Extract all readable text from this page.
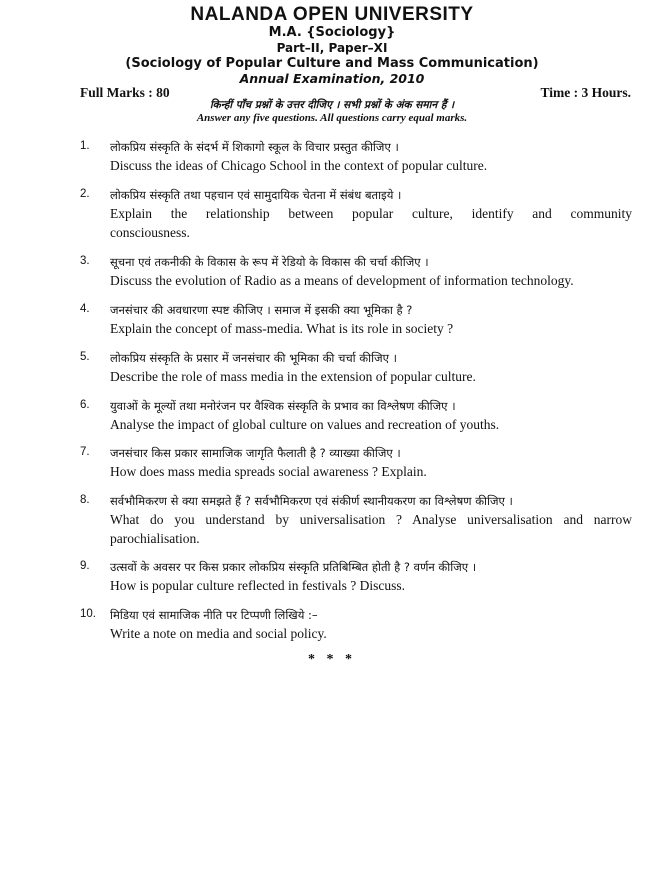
NALANDA OPEN UNIVERSITY
M.A. {Sociology}
Part–II, Paper–XI
(Sociology of Popular Culture and Mass Communication)
Annual Examination, 2010
Full Marks : 80	Time : 3 Hours.
किन्हीं पाँच प्रश्नों के उत्तर दीजिए । सभी प्रश्नों के अंक समान हैं ।
Answer any five questions. All questions carry equal marks.
1. लोकप्रिय संस्कृति के संदर्भ में शिकागो स्कूल के विचार प्रस्तुत कीजिए ।
Discuss the ideas of Chicago School in the context of popular culture.
2. लोकप्रिय संस्कृति तथा पहचान एवं सामुदायिक चेतना में संबंध बताइये ।
Explain the relationship between popular culture, identify and community
consciousness.
3. सूचना एवं तकनीकी के विकास के रूप में रेडियो के विकास की चर्चा कीजिए ।
Discuss the evolution of Radio as a means of development of information technology.
4. जनसंचार की अवधारणा स्पष्ट कीजिए । समाज में इसकी क्या भूमिका है ?
Explain the concept of mass-media. What is its role in society ?
5. लोकप्रिय संस्कृति के प्रसार में जनसंचार की भूमिका की चर्चा कीजिए ।
Describe the role of mass media in the extension of popular culture.
6. युवाओं के मूल्यों तथा मनोरंजन पर वैश्विक संस्कृति के प्रभाव का विश्लेषण कीजिए ।
Analyse the impact of global culture on values and recreation of youths.
7. जनसंचार किस प्रकार सामाजिक जागृति फैलाती है ? व्याख्या कीजिए ।
How does mass media spreads social awareness ? Explain.
8. सर्वभौमिकरण से क्या समझते हैं ? सर्वभौमिकरण एवं संकीर्ण स्थानीयकरण का विश्लेषण कीजिए ।
What do you understand by universalisation ? Analyse universalisation and narrow
parochialisation.
9. उत्सवों के अवसर पर किस प्रकार लोकप्रिय संस्कृति प्रतिबिम्बित होती है ? वर्णन कीजिए ।
How is popular culture reflected in festivals ? Discuss.
10. मिडिया एवं सामाजिक नीति पर टिप्पणी लिखिये :–
Write a note on media and social policy.
* * *
